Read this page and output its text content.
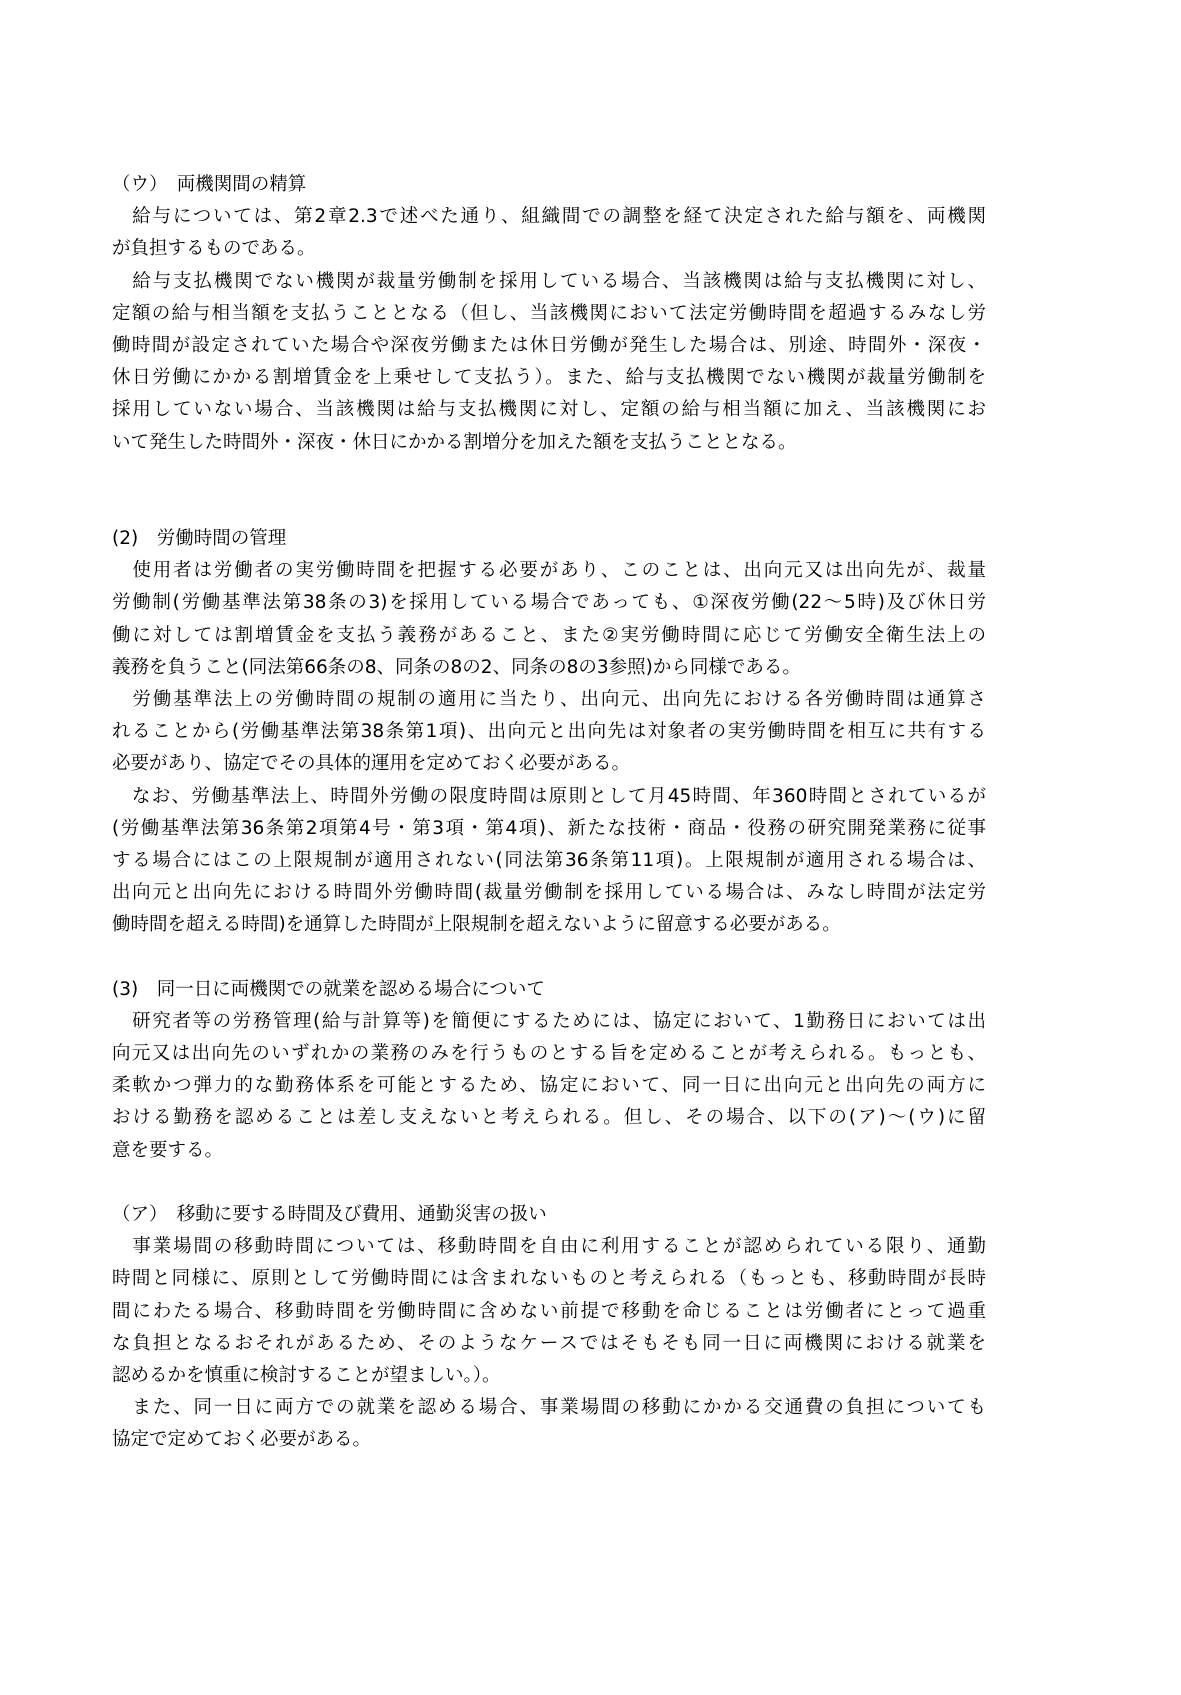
（ウ）　両機関間の精算
　給与については、第2章2.3で述べた通り、組織間での調整を経て決定された給与額を、両機関
が負担するものである。
　給与支払機関でない機関が裁量労働制を採用している場合、当該機関は給与支払機関に対し、
定額の給与相当額を支払うこととなる（但し、当該機関において法定労働時間を超過するみなし労
働時間が設定されていた場合や深夜労働または休日労働が発生した場合は、別途、時間外・深夜・
休日労働にかかる割増賃金を上乗せして支払う）。また、給与支払機関でない機関が裁量労働制を
採用していない場合、当該機関は給与支払機関に対し、定額の給与相当額に加え、当該機関にお
いて発生した時間外・深夜・休日にかかる割増分を加えた額を支払うこととなる。
(2)　労働時間の管理
　使用者は労働者の実労働時間を把握する必要があり、このことは、出向元又は出向先が、裁量
労働制(労働基準法第38条の3)を採用している場合であっても、①深夜労働(22～5時)及び休日労
働に対しては割増賃金を支払う義務があること、また②実労働時間に応じて労働安全衛生法上の
義務を負うこと(同法第66条の8、同条の8の2、同条の8の3参照)から同様である。
　労働基準法上の労働時間の規制の適用に当たり、出向元、出向先における各労働時間は通算さ
れることから(労働基準法第38条第1項)、出向元と出向先は対象者の実労働時間を相互に共有する
必要があり、協定でその具体的運用を定めておく必要がある。
　なお、労働基準法上、時間外労働の限度時間は原則として月45時間、年360時間とされているが
(労働基準法第36条第2項第4号・第3項・第4項)、新たな技術・商品・役務の研究開発業務に従事
する場合にはこの上限規制が適用されない(同法第36条第11項)。上限規制が適用される場合は、
出向元と出向先における時間外労働時間(裁量労働制を採用している場合は、みなし時間が法定労
働時間を超える時間)を通算した時間が上限規制を超えないように留意する必要がある。
(3)　同一日に両機関での就業を認める場合について
　研究者等の労務管理(給与計算等)を簡便にするためには、協定において、1勤務日においては出
向元又は出向先のいずれかの業務のみを行うものとする旨を定めることが考えられる。もっとも、
柔軟かつ弾力的な勤務体系を可能とするため、協定において、同一日に出向元と出向先の両方に
おける勤務を認めることは差し支えないと考えられる。但し、その場合、以下の(ア)～(ウ)に留
意を要する。
（ア）　移動に要する時間及び費用、通勤災害の扱い
　事業場間の移動時間については、移動時間を自由に利用することが認められている限り、通勤
時間と同様に、原則として労働時間には含まれないものと考えられる（もっとも、移動時間が長時
間にわたる場合、移動時間を労働時間に含めない前提で移動を命じることは労働者にとって過重
な負担となるおそれがあるため、そのようなケースではそもそも同一日に両機関における就業を
認めるかを慎重に検討することが望ましい。）。
　また、同一日に両方での就業を認める場合、事業場間の移動にかかる交通費の負担についても
協定で定めておく必要がある。
